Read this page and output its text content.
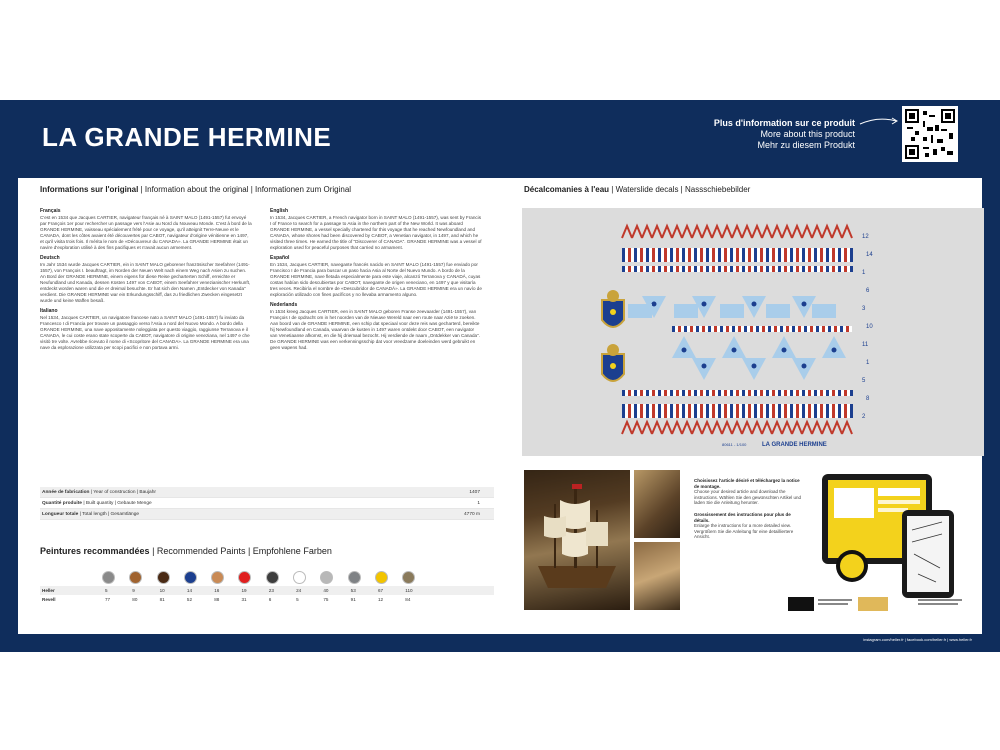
LA GRANDE HERMINE	Plus d'information sur ce produit
More about this product
Mehr zu diesem Produkt
Informations sur l'original | Information about the original | Informationen zum Original
Français

C'est en 1534 que Jacques CARTIER, navigateur français né à SAINT MALO (1491-1557) fut envoyé par François 1er pour rechercher un passage vers l'Asie au Nord du Nouveau Monde. C'est à bord de la GRANDE HERMINE, vaisseau spécialement frété pour ce voyage, qu'il atteignit Terre-Neuve et le CANADA, dont les côtes avaient été découvertes par CABOT, navigateur d'origine vénitienne en 1497, et qu'il visita trois fois. Il mérita le nom de «Découvreur du CANADA». La GRANDE HERMINE était un navire d'exploration utilisé à des fins pacifiques et n'avait aucun armement.

Deutsch

Im Jahr 1534 wurde Jacques CARTIER, ein in SAINT MALO geborener französischer Seefahrer (1491-1557), von François I. beauftragt, im Norden der Neuen Welt nach einem Weg nach Asien zu suchen. An Bord der GRANDE HERMINE, einem eigens für diese Reise gecharterten Schiff, erreichte er Neufundland und Kanada, dessen Küsten 1497 von CABOT, einem Seefahrer venezianischer Herkunft, entdeckt worden waren und die er dreimal besuchte. Er hat sich den Namen „Entdecker von Kanada" verdient. Die GRANDE HERMINE war ein Erkundungsschiff, das zu friedlichen Zwecken eingesetzt wurde und keine Waffen besaß.

Italiano

Nel 1534, Jacques CARTIER, un navigatore francese nato a SAINT MALO (1491-1557) fu inviato da Francesco I di Francia per trovare un passaggio verso l'Asia a nord del Nuovo Mondo. A bordo della GRANDE HERMINE, una nave appositamente noleggiata per questo viaggio, raggiunse Terranova e il CANADA, le cui coste erano state scoperte da CABOT, navigatore di origine veneziana, nel 1497 e che visitò tre volte. Avrebbe ricevuto il nome di «Scopritore del CANADA». La GRANDE HERMINE era una nave da esplorazione utilizzata per scopi pacifici e non portava armi.

English

In 1534, Jacques CARTIER, a French navigator born in SAINT MALO (1491-1557), was sent by Francis I of France to search for a passage to Asia in the northern part of the New World. It was aboard GRANDE HERMINE, a vessel specially chartered for this voyage that he reached Newfoundland and CANADA, whose shores had been discovered by CABOT, a Venetian navigator, in 1497, and which he visited three times. He earned the title of "Discoverer of CANADA". GRANDE HERMINE was a vessel of exploration used for peaceful purposes that carried no armament.

Español

En 1534, Jacques CARTIER, navegante francés nacido en SAINT MALO (1491-1557) fue enviado por Francisco I de Francia para buscar un paso hacia Asia al Norte del Nuevo Mundo. A bordo de la GRANDE HERMINE, nave fletada especialmente para este viaje, alcanzó Terranova y CANADÁ, cuyas costas habían sido descubiertas por CABOT, navegante de origen veneciano, en 1497 y que visitaría tres veces. Recibiría el nombre de «Descubridor de CANADÁ». La GRANDE HERMINE era un navío de exploración utilizado con fines pacíficos y no llevaba armamento alguno.

Nederlands

In 1534 kreeg Jacques CARTIER, een in SAINT MALO geboren Franse zeevaarder (1491-1557), van François I de opdracht om in het noorden van de Nieuwe Wereld naar een route naar Azië te zoeken. Aan boord van de GRANDE HERMINE, een schip dat speciaal voor deze reis was gecharterd, bereikte hij Newfoundland en Canada, waarvan de kusten in 1497 waren ontdekt door CABOT, een navigator van Venetiaanse afkomst, en die hij driemaal bezocht. Hij verdiende de naam „Ontdekker van Canada". De GRANDE HERMINE was een verkenningsschip dat voor vreedzame doeleinden werd gebruikt en geen wapens had.

Année de fabrication | Year of construction | Baujahr	1407
Quantité produite | Built quantity | Gebaute Menge	1
Longueur totale | Total length | Gesamtlänge	4770 m
Peintures recommandées | Recommended Paints | Empfohlene Farben
Heller	5	9	10	14	16	19	23	24	40	53	67	110
Revell	77	80	81	52	88	31	6	5	75	91	12	84
Décalcomanies à l'eau | Waterslide decals | Nassschiebebilder
12
14
1
6
3
10
11
1
5
8
2
LA GRANDE HERMINE
80611 - 1/100

Choisissez l'article désiré et téléchargez la notice de montage.
Choose your desired article and download the instructions. Wählen Sie den gewünschten Artikel und laden Sie die Anleitung herunter.

Grossissement des instructions pour plus de détails.
Enlarge the instructions for a more detailed view. Vergrößern Sie die Anleitung für eine detailliertere Ansicht.

instagram.com/heller.fr | facebook.com/heller.fr | www.heller.fr
